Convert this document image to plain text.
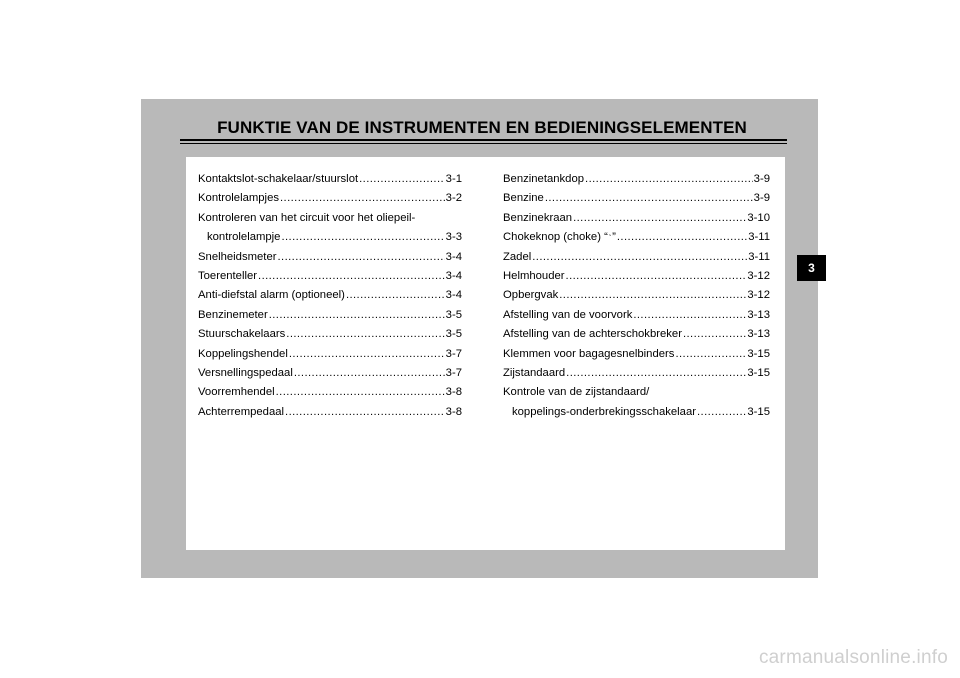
FUNKTIE VAN DE INSTRUMENTEN EN BEDIENINGSELEMENTEN
Kontaktslot-schakelaar/stuurslot .....	3-1
Kontrolelampjes .....	3-2
Kontroleren van het circuit voor het oliepeil-
kontrolelampje .....	3-3
Snelheidsmeter .....	3-4
Toerenteller .....	3-4
Anti-diefstal alarm (optioneel) .....	3-4
Benzinemeter .....	3-5
Stuurschakelaars .....	3-5
Koppelingshendel .....	3-7
Versnellingspedaal .....	3-7
Voorremhendel .....	3-8
Achterrempedaal .....	3-8
Benzinetankdop .....	3-9
Benzine .....	3-9
Benzinekraan .....	3-10
Chokeknop (choke) “ ” .....	3-11
Zadel .....	3-11
Helmhouder .....	3-12
Opbergvak .....	3-12
Afstelling van de voorvork .....	3-13
Afstelling van de achterschokbreker .....	3-13
Klemmen voor bagagesnelbinders .....	3-15
Zijstandaard .....	3-15
Kontrole van de zijstandaard/
koppelings-onderbrekingsschakelaar .....	3-15
3
carmanualsonline.info
